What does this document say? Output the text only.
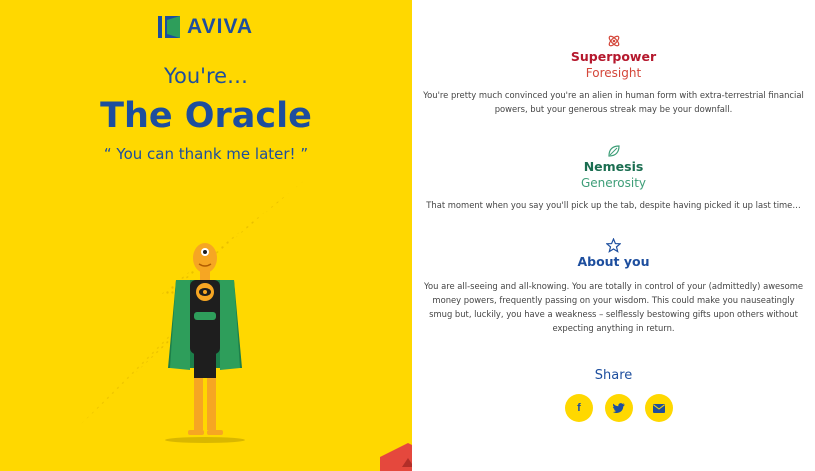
AVIVA
You're…
The Oracle
“ You can thank me later! ”
Superpower
Foresight
You're pretty much convinced you're an alien in human form with extra-terrestrial financial powers, but your generous streak may be your downfall.
Nemesis
Generosity
That moment when you say you'll pick up the tab, despite having picked it up last time…
About you
You are all-seeing and all-knowing. You are totally in control of your (admittedly) awesome money powers, frequently passing on your wisdom. This could make you nauseatingly smug but, luckily, you have a weakness – selflessly bestowing gifts upon others without expecting anything in return.
Share
f
